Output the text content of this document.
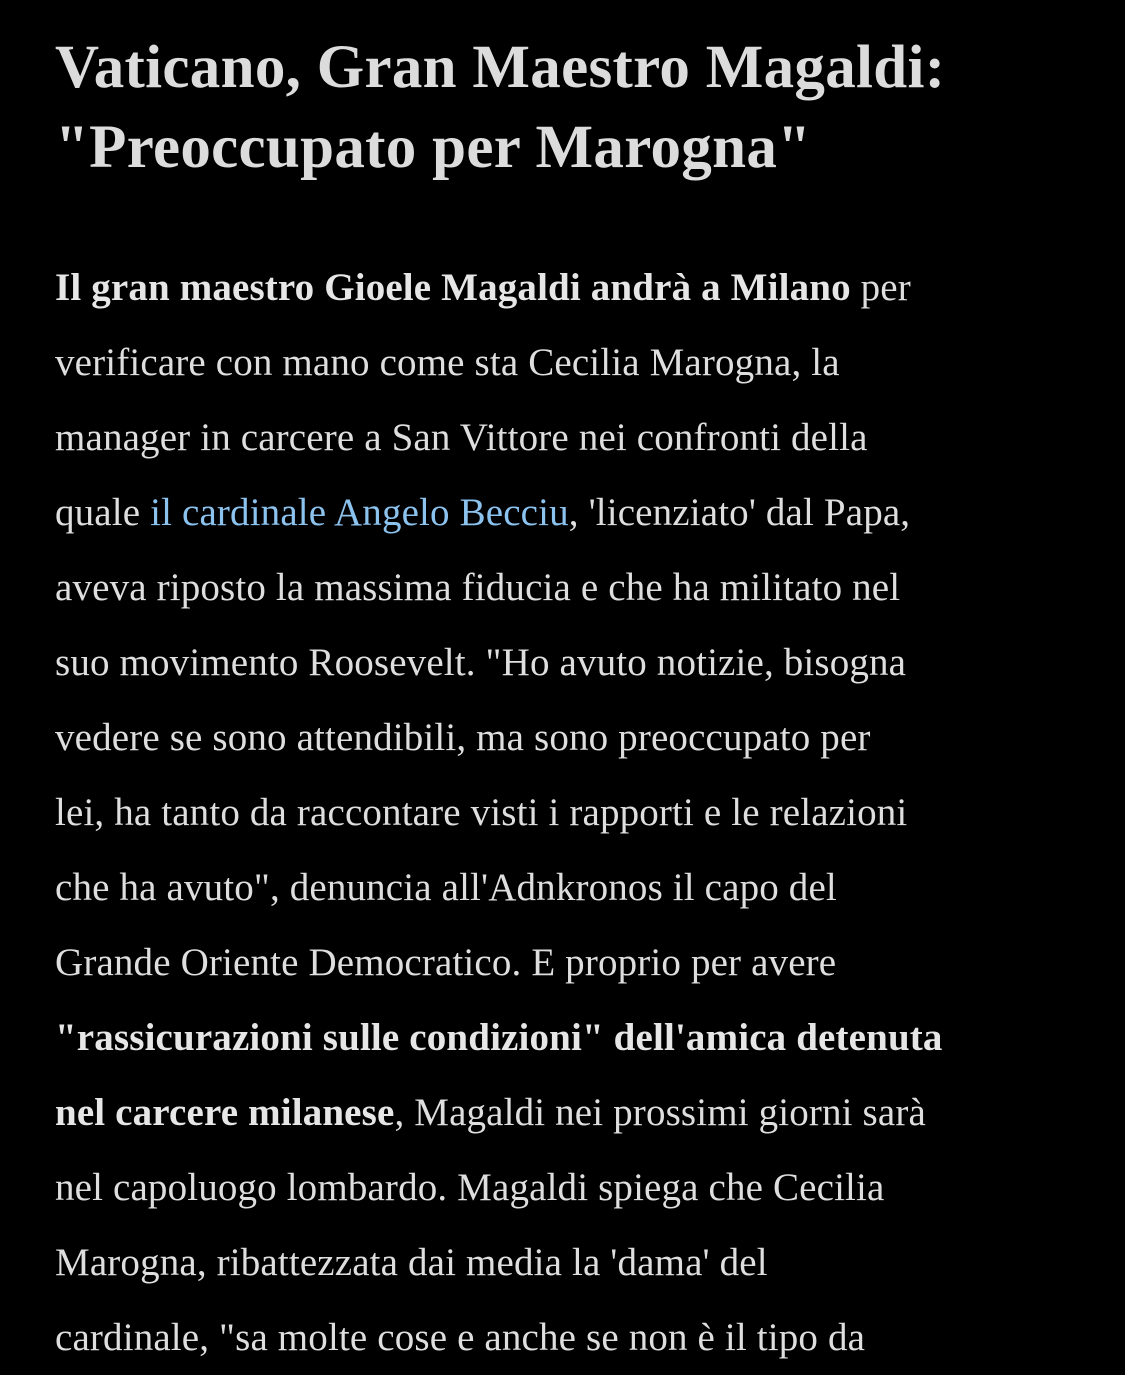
Vaticano, Gran Maestro Magaldi:
"Preoccupato per Marogna"
Il gran maestro Gioele Magaldi andrà a Milano per
verificare con mano come sta Cecilia Marogna, la
manager in carcere a San Vittore nei confronti della
quale il cardinale Angelo Becciu, 'licenziato' dal Papa,
aveva riposto la massima fiducia e che ha militato nel
suo movimento Roosevelt. "Ho avuto notizie, bisogna
vedere se sono attendibili, ma sono preoccupato per
lei, ha tanto da raccontare visti i rapporti e le relazioni
che ha avuto", denuncia all'Adnkronos il capo del
Grande Oriente Democratico. E proprio per avere
"rassicurazioni sulle condizioni" dell'amica detenuta
nel carcere milanese, Magaldi nei prossimi giorni sarà
nel capoluogo lombardo. Magaldi spiega che Cecilia
Marogna, ribattezzata dai media la 'dama' del
cardinale, "sa molte cose e anche se non è il tipo da
